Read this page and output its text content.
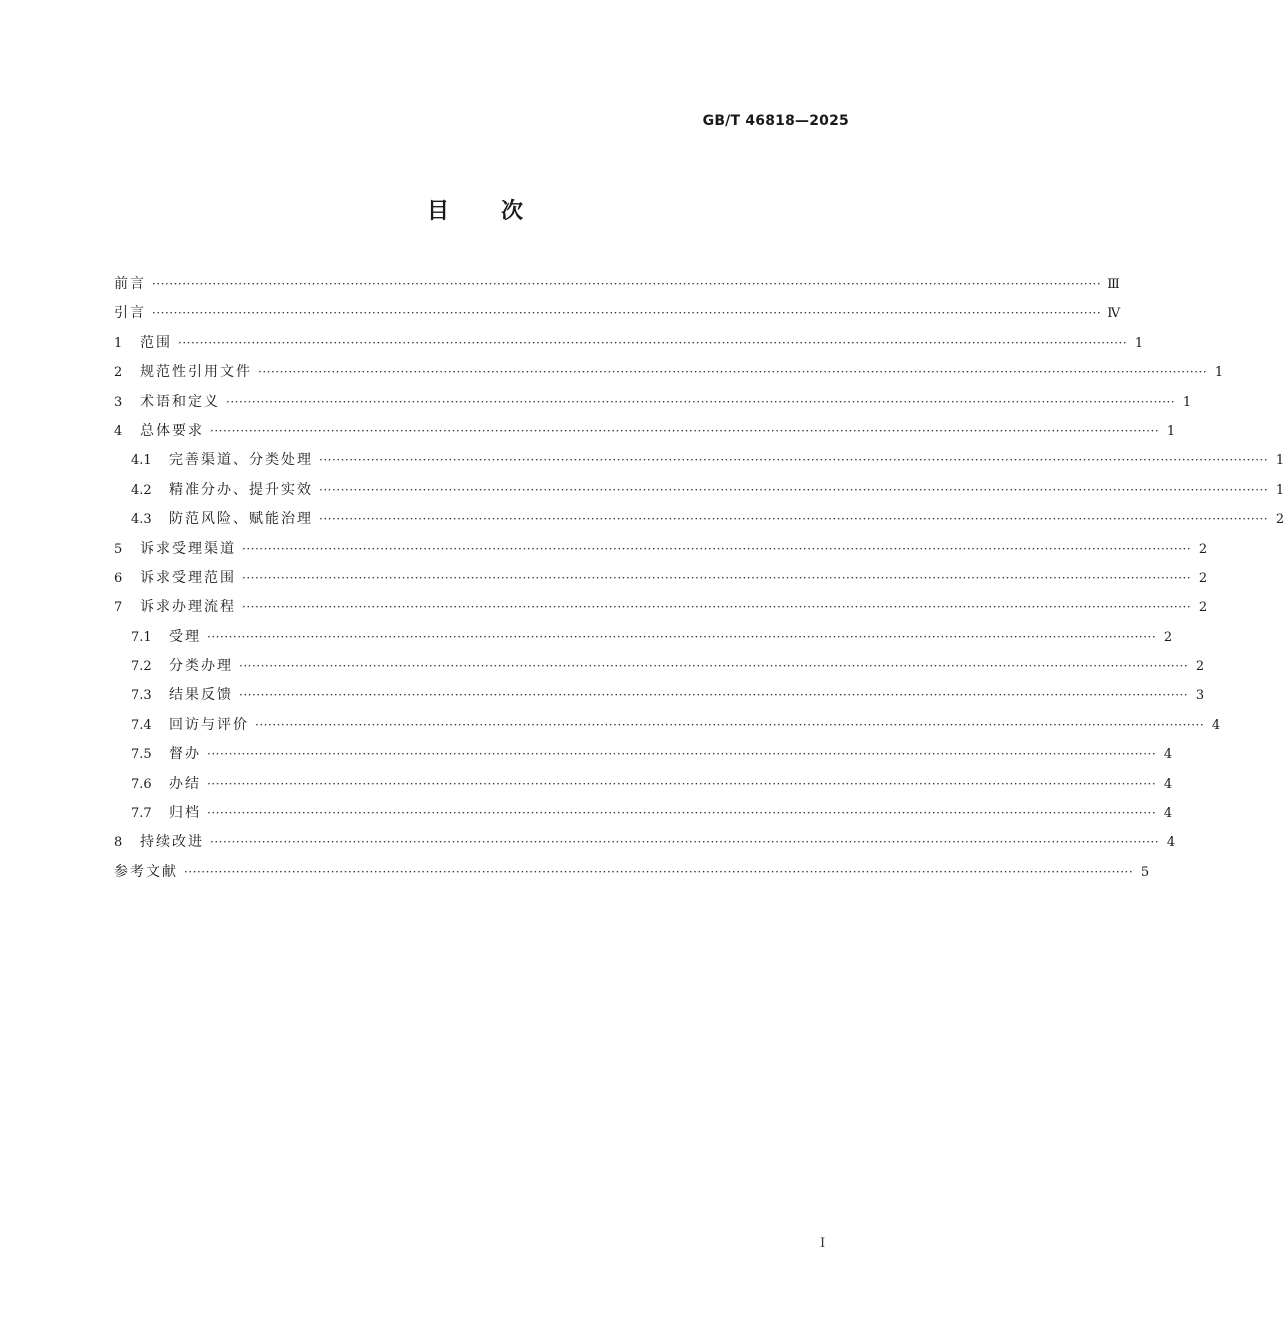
GB/T 46818—2025
目次
前言 ···························································································································································································································· Ⅲ
引言 ···························································································································································································································· Ⅳ
1	范围 ···························································································································································································································· 1
2	规范性引用文件 ···························································································································································································································· 1
3	术语和定义 ···························································································································································································································· 1
4	总体要求 ···························································································································································································································· 1
4.1	完善渠道、分类处理 ···························································································································································································································· 1
4.2	精准分办、提升实效 ···························································································································································································································· 1
4.3	防范风险、赋能治理 ···························································································································································································································· 2
5	诉求受理渠道 ···························································································································································································································· 2
6	诉求受理范围 ···························································································································································································································· 2
7	诉求办理流程 ···························································································································································································································· 2
7.1	受理 ···························································································································································································································· 2
7.2	分类办理 ···························································································································································································································· 2
7.3	结果反馈 ···························································································································································································································· 3
7.4	回访与评价 ···························································································································································································································· 4
7.5	督办 ···························································································································································································································· 4
7.6	办结 ···························································································································································································································· 4
7.7	归档 ···························································································································································································································· 4
8	持续改进 ···························································································································································································································· 4
参考文献 ···························································································································································································································· 5
I
